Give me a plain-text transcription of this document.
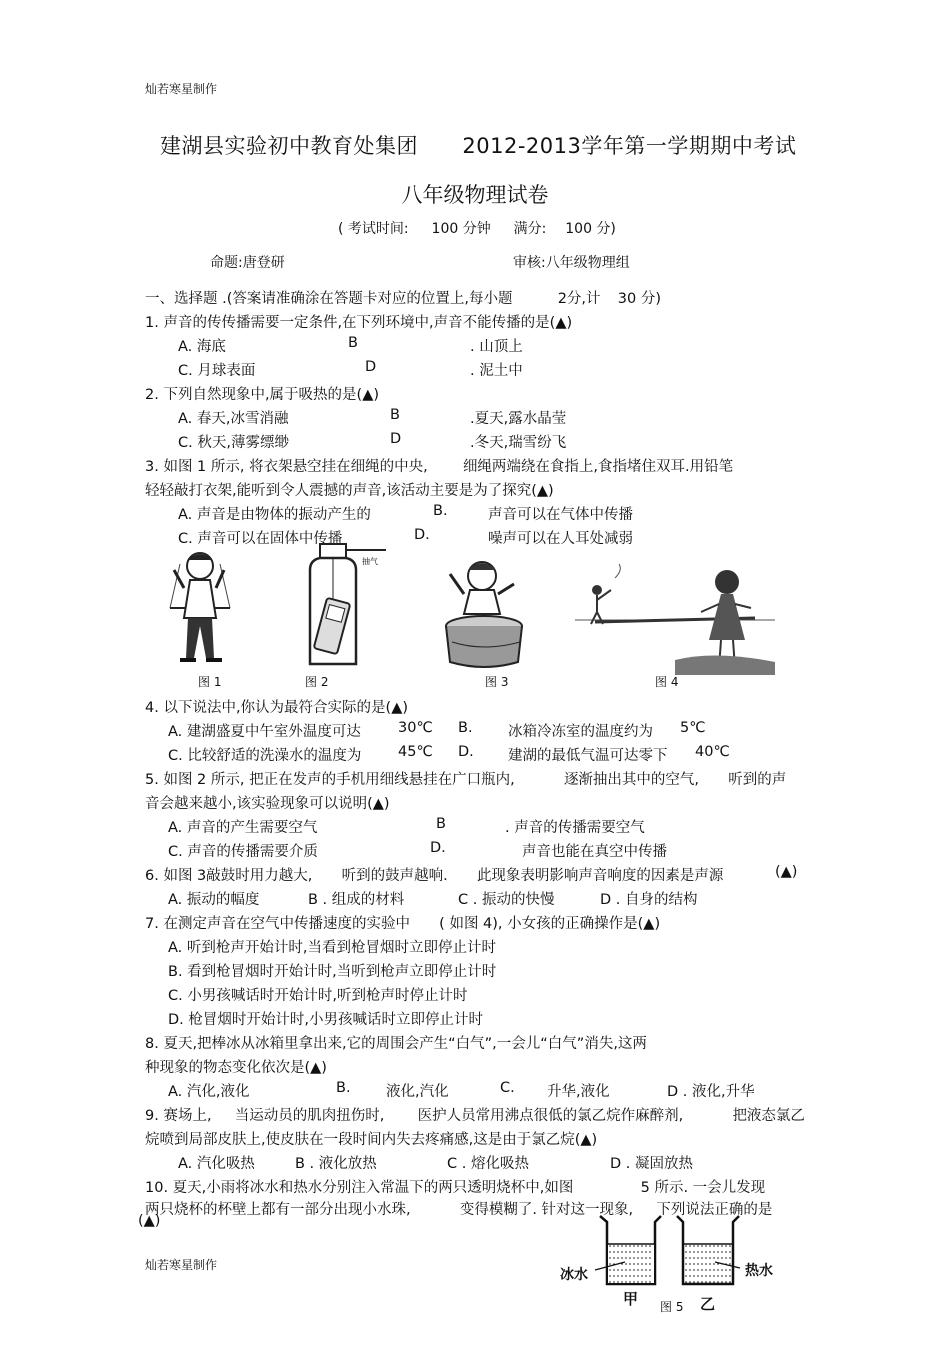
灿若寒星制作
建湖县实验初中教育处集团 2012-2013学年第一学期期中考试
八年级物理试卷
( 考试时间: 100 分钟 满分: 100 分)
命题:唐登研	审核:八年级物理组
一、选择题 .(答案请准确涂在答题卡对应的位置上,每小题	2分,计 30 分)
1. 声音的传传播需要一定条件,在下列环境中,声音不能传播的是(▲)
A. 海底	B	. 山顶上
C. 月球表面	D	. 泥土中
2. 下列自然现象中,属于吸热的是(▲)
A. 春天,冰雪消融	B	.夏天,露水晶莹
C. 秋天,薄雾缥缈	D	.冬天,瑞雪纷飞
3. 如图 1 所示, 将衣架悬空挂在细绳的中央, 细绳两端绕在食指上,食指堵住双耳.用铅笔
轻轻敲打衣架,能听到令人震撼的声音,该活动主要是为了探究(▲)
A. 声音是由物体的振动产生的	B.	声音可以在气体中传播
C. 声音可以在固体中传播	D.	噪声可以在人耳处减弱
抽气
图 1	图 2	图 3	图 4
4. 以下说法中,你认为最符合实际的是(▲)
A. 建湖盛夏中午室外温度可达	30℃ B. 冰箱冷冻室的温度约为 5℃
C. 比较舒适的洗澡水的温度为	45℃ D. 建湖的最低气温可达零下 40℃
5. 如图 2 所示, 把正在发声的手机用细线悬挂在广口瓶内,	逐渐抽出其中的空气, 听到的声
音会越来越小,该实验现象可以说明(▲)
A. 声音的产生需要空气	B	. 声音的传播需要空气
C. 声音的传播需要介质	D.	声音也能在真空中传播
6. 如图 3敲鼓时用力越大, 听到的鼓声越响. 此现象表明影响声音响度的因素是声源	(▲)
A. 振动的幅度	B . 组成的材料	C . 振动的快慢	D . 自身的结构
7. 在测定声音在空气中传播速度的实验中 ( 如图 4), 小女孩的正确操作是(▲)
A. 听到枪声开始计时,当看到枪冒烟时立即停止计时
B. 看到枪冒烟时开始计时,当听到枪声立即停止计时
C. 小男孩喊话时开始计时,听到枪声时停止计时
D. 枪冒烟时开始计时,小男孩喊话时立即停止计时
8. 夏天,把棒冰从冰箱里拿出来,它的周围会产生“白气”,一会儿“白气”消失,这两
种现象的物态变化依次是(▲)
A. 汽化,液化	B. 液化,汽化	C. 升华,液化	D . 液化,升华
9. 赛场上, 当运动员的肌肉扭伤时, 医护人员常用沸点很低的氯乙烷作麻醉剂,	把液态氯乙
烷喷到局部皮肤上,使皮肤在一段时间内失去疼痛感,这是由于氯乙烷(▲)
A. 汽化吸热	B . 液化放热	C . 熔化吸热	D . 凝固放热
10. 夏天,小雨将冰水和热水分别注入常温下的两只透明烧杯中,如图	5 所示. 一会儿发现
两只烧杯的杯壁上都有一部分出现小水珠,	变得模糊了. 针对这一现象, 下列说法正确的是
(▲)
冰水	热水
甲	乙
图 5
灿若寒星制作
